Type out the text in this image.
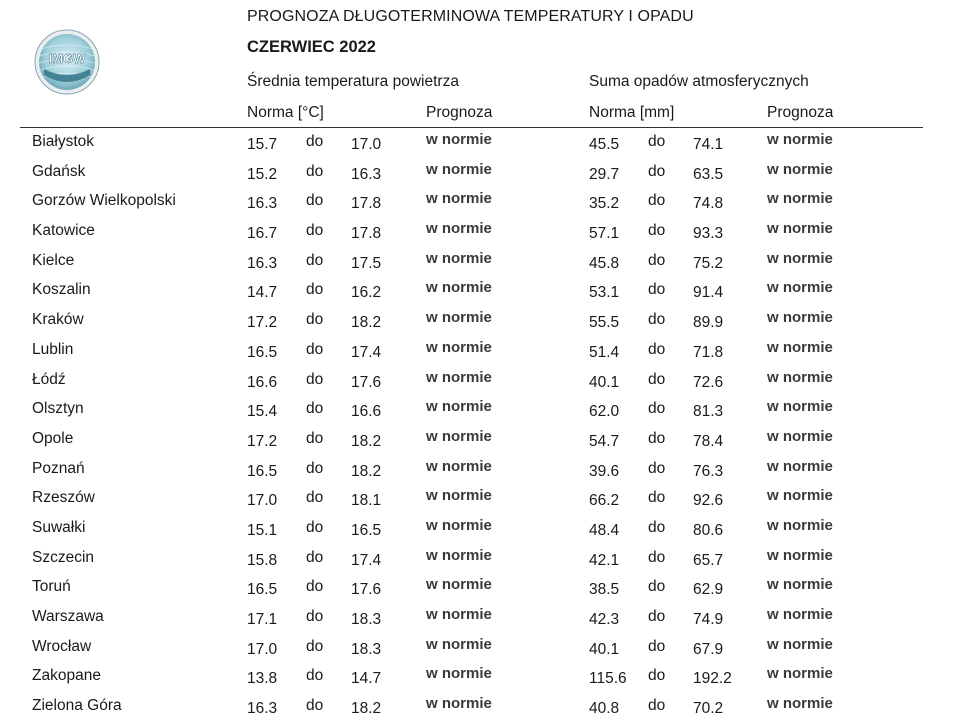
IMGW
PROGNOZA DŁUGOTERMINOWA TEMPERATURY I OPADU
CZERWIEC 2022
Średnia temperatura powietrza	Suma opadów atmosferycznych
Norma [°C]	Prognoza	Norma [mm]	Prognoza
Białystok	15.7 do 17.0	w normie	45.5 do 74.1	w normie
Gdańsk	15.2 do 16.3	w normie	29.7 do 63.5	w normie
Gorzów Wielkopolski	16.3 do 17.8	w normie	35.2 do 74.8	w normie
Katowice	16.7 do 17.8	w normie	57.1 do 93.3	w normie
Kielce	16.3 do 17.5	w normie	45.8 do 75.2	w normie
Koszalin	14.7 do 16.2	w normie	53.1 do 91.4	w normie
Kraków	17.2 do 18.2	w normie	55.5 do 89.9	w normie
Lublin	16.5 do 17.4	w normie	51.4 do 71.8	w normie
Łódź	16.6 do 17.6	w normie	40.1 do 72.6	w normie
Olsztyn	15.4 do 16.6	w normie	62.0 do 81.3	w normie
Opole	17.2 do 18.2	w normie	54.7 do 78.4	w normie
Poznań	16.5 do 18.2	w normie	39.6 do 76.3	w normie
Rzeszów	17.0 do 18.1	w normie	66.2 do 92.6	w normie
Suwałki	15.1 do 16.5	w normie	48.4 do 80.6	w normie
Szczecin	15.8 do 17.4	w normie	42.1 do 65.7	w normie
Toruń	16.5 do 17.6	w normie	38.5 do 62.9	w normie
Warszawa	17.1 do 18.3	w normie	42.3 do 74.9	w normie
Wrocław	17.0 do 18.3	w normie	40.1 do 67.9	w normie
Zakopane	13.8 do 14.7	w normie	115.6 do 192.2 w normie
Zielona Góra	16.3 do 18.2	w normie	40.8 do 70.2	w normie
